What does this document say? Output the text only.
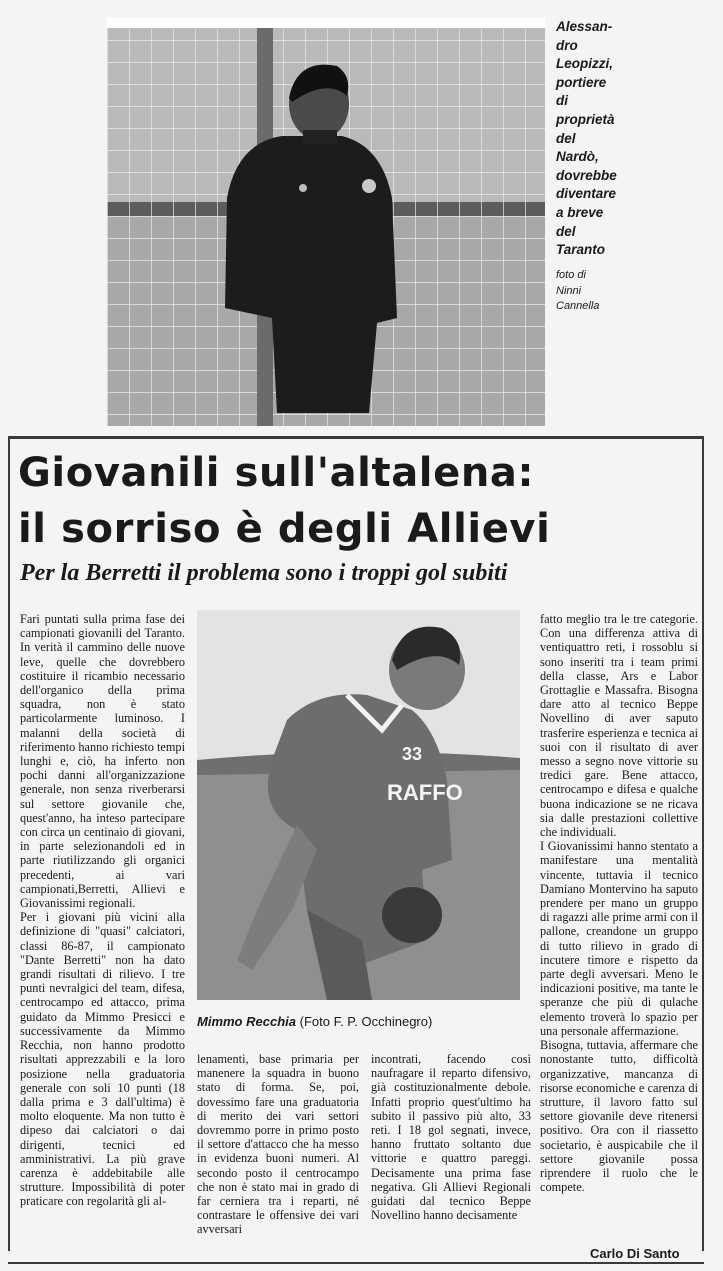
Alessan-
dro
Leopizzi,
portiere
di
proprietà
del
Nardò,
dovrebbe
diventare
a breve
del
Taranto
foto di
Ninni
Cannella
Giovanili sull'altalena:
il sorriso è degli Allievi
Per la Berretti il problema sono i troppi gol subiti

Fari puntati sulla prima fase dei campionati giovanili del Taranto. In verità il cammino delle nuove leve, quelle che dovrebbero costituire il ricambio necessario dell'organico della prima squadra, non è stato particolarmente luminoso. I malanni della società di riferimento hanno richiesto tempi lunghi e, ciò, ha inferto non pochi danni all'organizzazione generale, non senza riverberarsi sul settore giovanile che, quest'anno, ha inteso partecipare con circa un centinaio di giovani, in parte selezionandoli ed in parte riutilizzando gli organici precedenti, ai vari campionati,Berretti, Allievi e Giovanissimi regionali.

Per i giovani più vicini alla definizione di "quasi" calciatori, classi 86-87, il campionato "Dante Berretti" non ha dato grandi risultati di rilievo. I tre punti nevralgici del team, difesa, centrocampo ed attacco, prima guidato da Mimmo Presicci e successivamente da Mimmo Recchia, non hanno prodotto risultati apprezzabili e la loro posizione nella graduatoria generale con soli 10 punti (18 dalla prima e 3 dall'ultima) è molto eloquente. Ma non tutto è dipeso dai calciatori o dai dirigenti, tecnici ed amministrativi. La più grave carenza è addebitabile alle strutture. Impossibilità di poter praticare con regolarità gli al-

33
RAFFO
Mimmo Recchia (Foto F. P. Occhinegro)

lenamenti, base primaria per manenere la squadra in buono stato di forma. Se, poi, dovessimo fare una graduatoria di merito dei vari settori dovremmo porre in primo posto il settore d'attacco che ha messo in evidenza buoni numeri. Al secondo posto il centrocampo che non è stato mai in grado di far cerniera tra i reparti, né contrastare le offensive dei vari avversari

incontrati, facendo così naufragare il reparto difensivo, già costituzionalmente debole. Infatti proprio quest'ultimo ha subito il passivo più alto, 33 reti. I 18 gol segnati, invece, hanno fruttato soltanto due vittorie e quattro pareggi. Decisamente una prima fase negativa. Gli Allievi Regionali guidati dal tecnico Beppe Novellino hanno decisamente

fatto meglio tra le tre categorie. Con una differenza attiva di ventiquattro reti, i rossoblu si sono inseriti tra i team primi della classe, Ars e Labor Grottaglie e Massafra. Bisogna dare atto al tecnico Beppe Novellino di aver saputo trasferire esperienza e tecnica ai suoi con il risultato di aver messo a segno nove vittorie su tredici gare. Bene attacco, centrocampo e difesa e qualche buona indicazione se ne ricava sia dalle prestazioni collettive che individuali.

I Giovanissimi hanno stentato a manifestare una mentalità vincente, tuttavia il tecnico Damiano Montervino ha saputo prendere per mano un gruppo di ragazzi alle prime armi con il pallone, creandone un gruppo di tutto rilievo in grado di incutere timore e rispetto da parte degli avversari. Meno le indicazioni positive, ma tante le speranze che più di qulache elemento troverà lo spazio per una personale affermazione.

Bisogna, tuttavia, affermare che nonostante tutto, difficoltà organizzative, mancanza di risorse economiche e carenza di strutture, il lavoro fatto sul settore giovanile deve ritenersi positivo. Ora con il riassetto societario, è auspicabile che il settore giovanile possa riprendere il ruolo che le compete.

Carlo Di Santo
